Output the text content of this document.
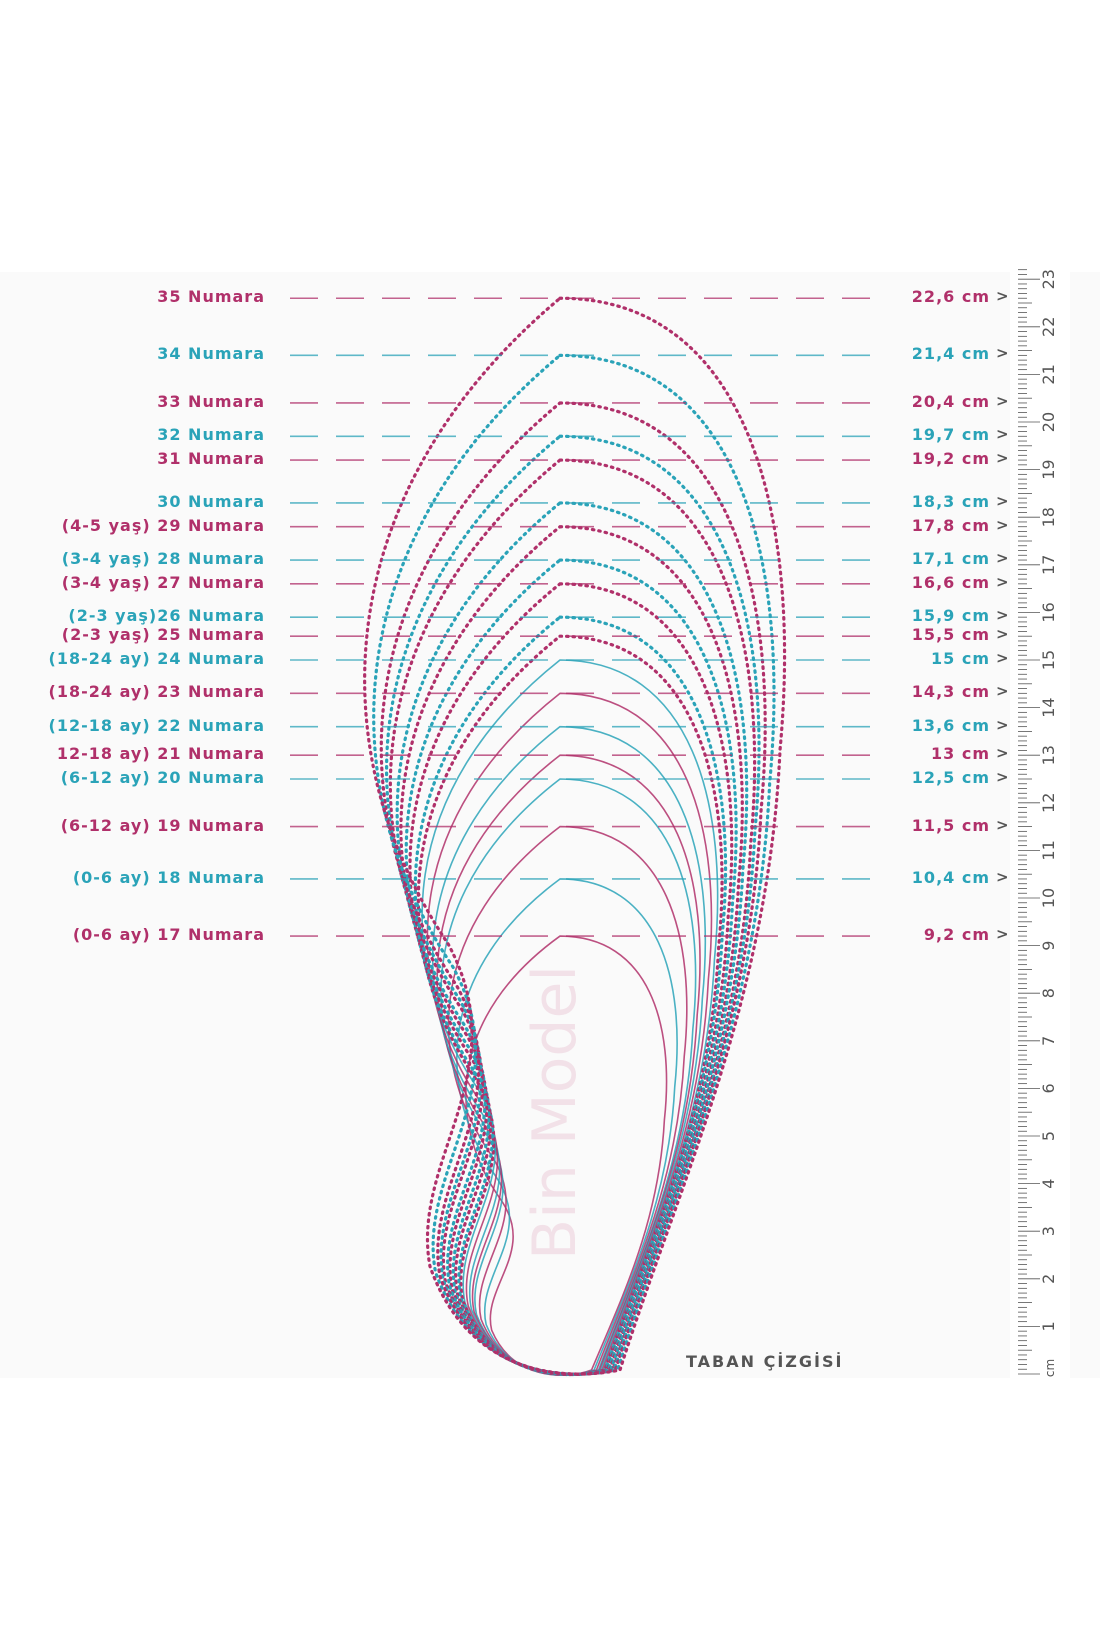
1
2
3
4
5
6
7
8
9
10
11
12
13
14
15
16
17
18
19
20
21
22
23
cm
35 Numara	22,6 cm >
34 Numara	21,4 cm >
33 Numara	20,4 cm >
32 Numara	19,7 cm >
31 Numara	19,2 cm >
30 Numara	18,3 cm >
(4-5 yaş) 29 Numara	17,8 cm >
(3-4 yaş) 28 Numara	17,1 cm >
(3-4 yaş) 27 Numara	16,6 cm >
(2-3 yaş)26 Numara	15,9 cm >
(2-3 yaş) 25 Numara	15,5 cm >
(18-24 ay) 24 Numara	15 cm >
(18-24 ay) 23 Numara	14,3 cm >
(12-18 ay) 22 Numara	13,6 cm >
12-18 ay) 21 Numara	13 cm >
(6-12 ay) 20 Numara	12,5 cm >
(6-12 ay) 19 Numara	11,5 cm >
(0-6 ay) 18 Numara	10,4 cm >
(0-6 ay) 17 Numara	9,2 cm >
Bin Model
TABAN ÇİZGİSİ
